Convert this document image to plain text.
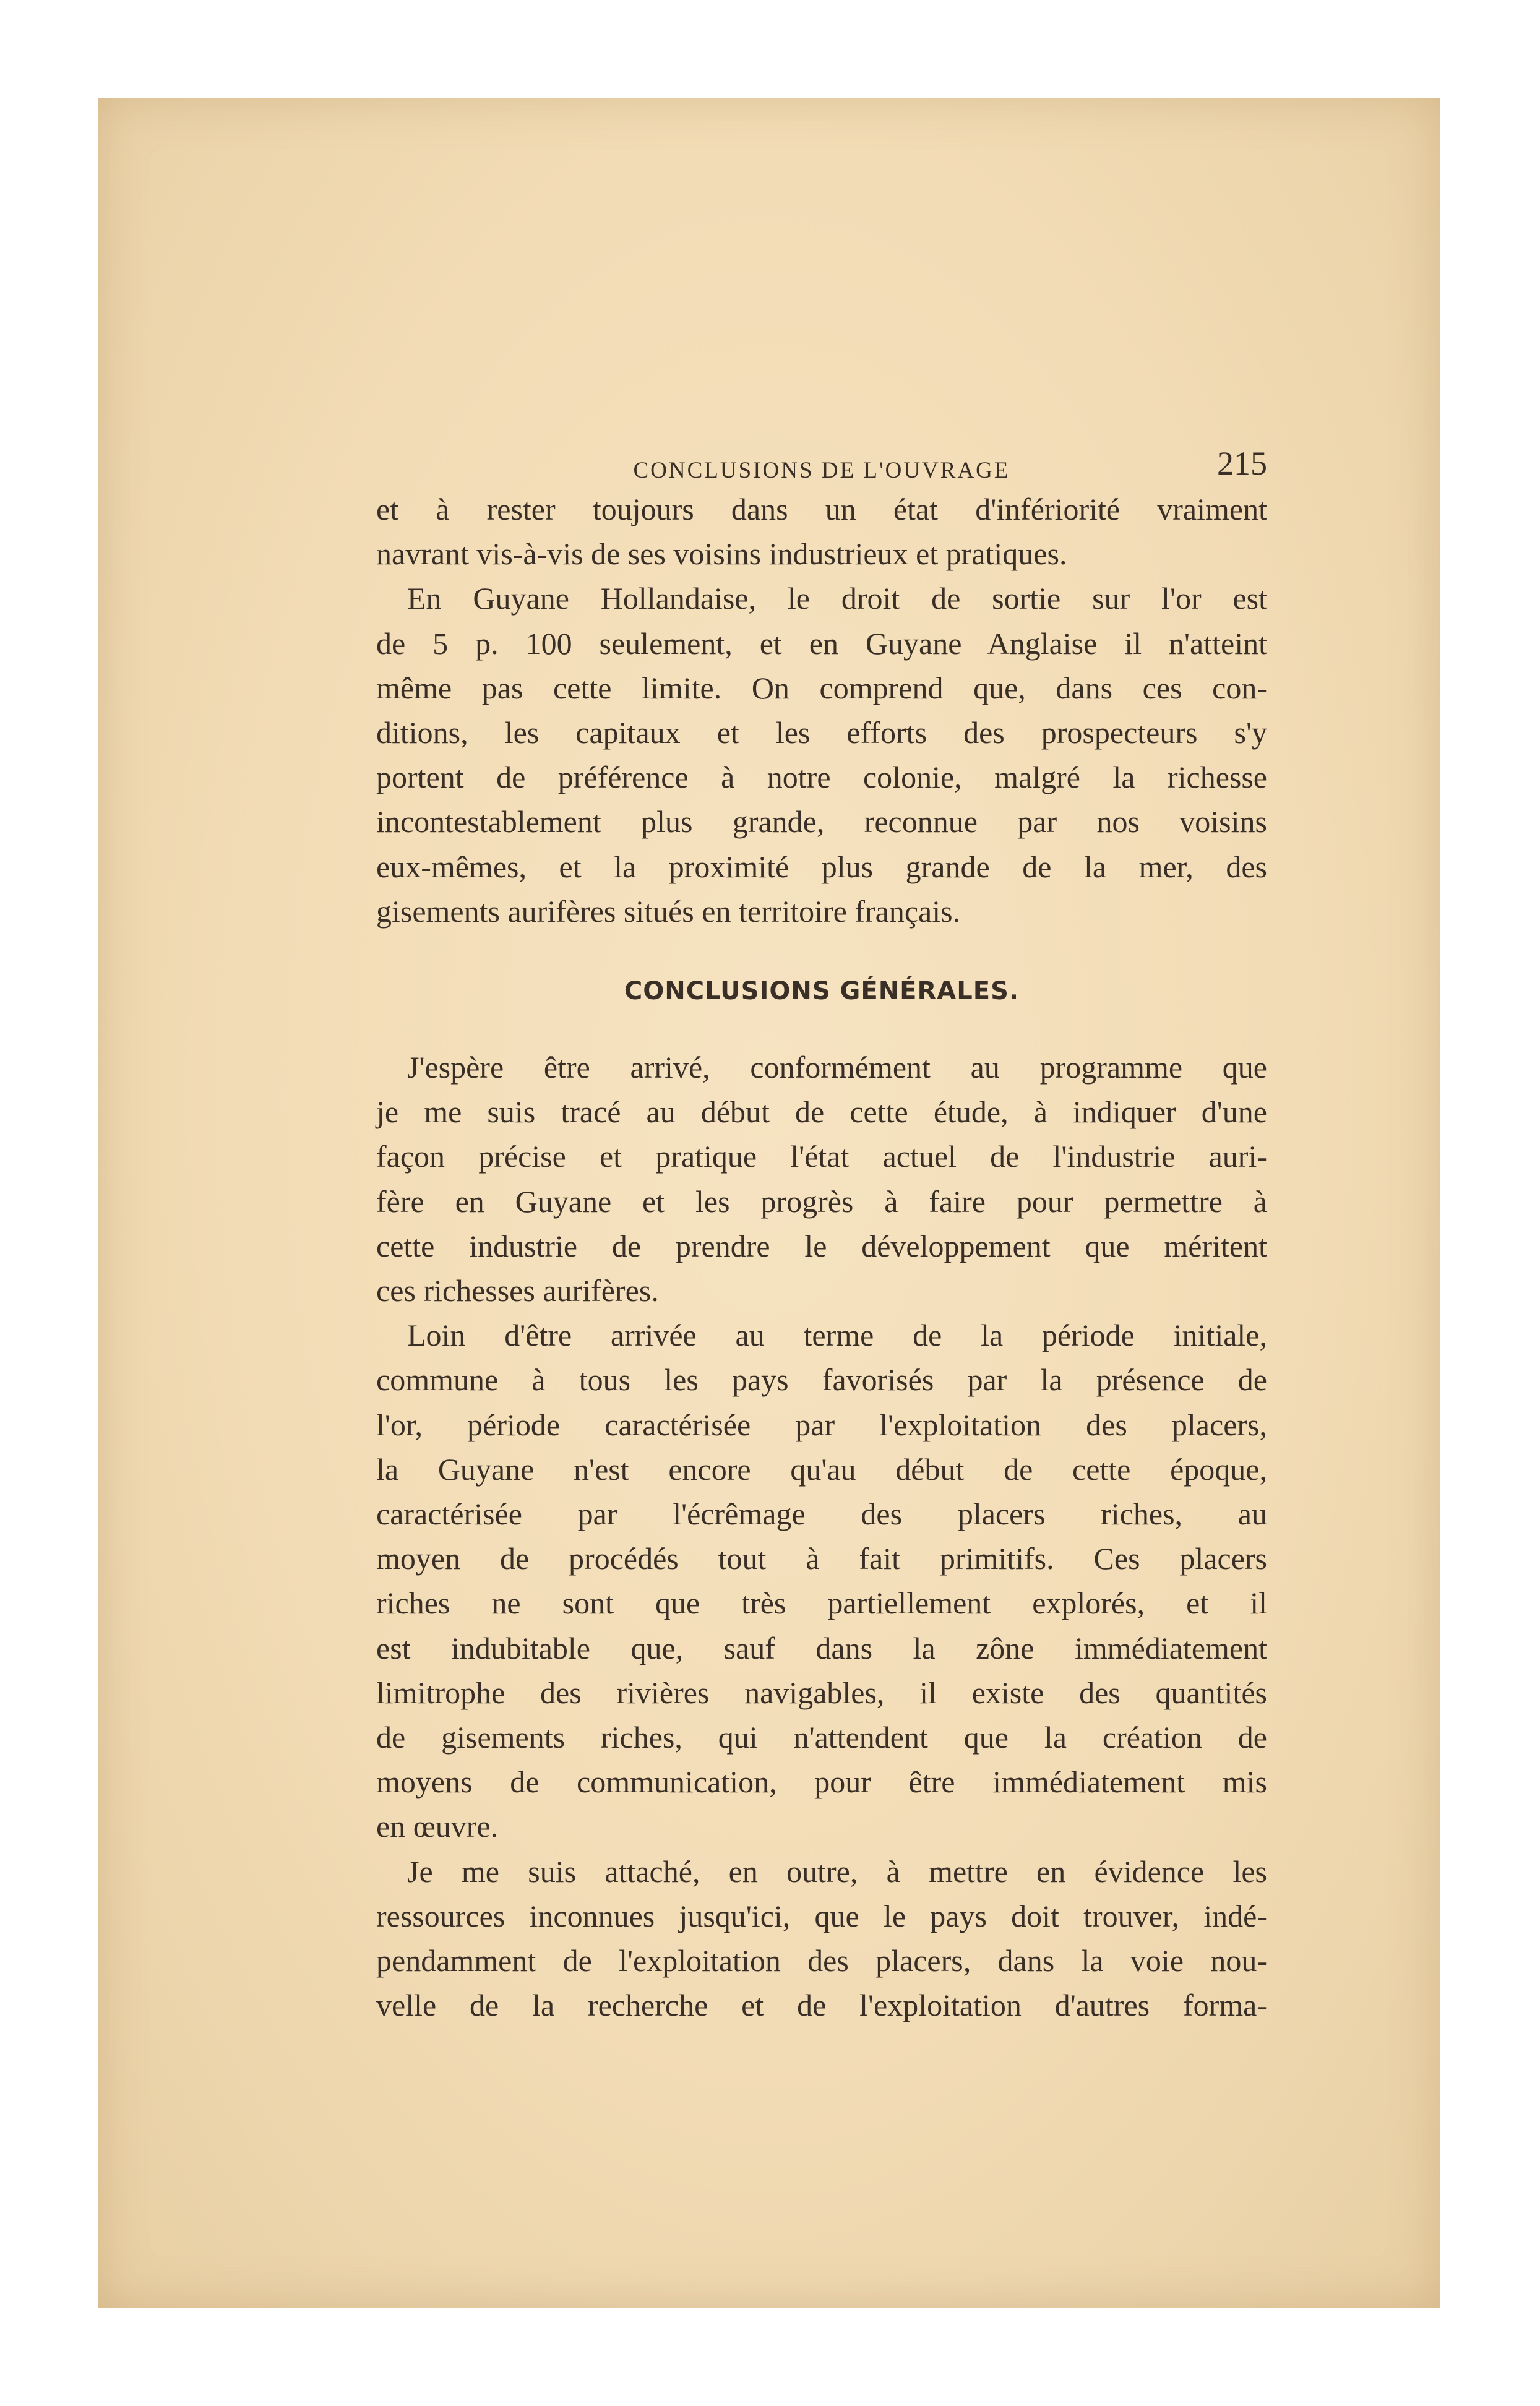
CONCLUSIONS DE L'OUVRAGE	215

et à rester toujours dans un état d'infériorité vraiment

navrant vis-à-vis de ses voisins industrieux et pratiques.

En Guyane Hollandaise, le droit de sortie sur l'or est

de 5 p. 100 seulement, et en Guyane Anglaise il n'atteint

même pas cette limite. On comprend que, dans ces con-

ditions, les capitaux et les efforts des prospecteurs s'y

portent de préférence à notre colonie, malgré la richesse

incontestablement plus grande, reconnue par nos voisins

eux-mêmes, et la proximité plus grande de la mer, des

gisements aurifères situés en territoire français.

CONCLUSIONS GÉNÉRALES.

J'espère être arrivé, conformément au programme que

je me suis tracé au début de cette étude, à indiquer d'une

façon précise et pratique l'état actuel de l'industrie auri-

fère en Guyane et les progrès à faire pour permettre à

cette industrie de prendre le développement que méritent

ces richesses aurifères.

Loin d'être arrivée au terme de la période initiale,

commune à tous les pays favorisés par la présence de

l'or, période caractérisée par l'exploitation des placers,

la Guyane n'est encore qu'au début de cette époque,

caractérisée par l'écrêmage des placers riches, au

moyen de procédés tout à fait primitifs. Ces placers

riches ne sont que très partiellement explorés, et il

est indubitable que, sauf dans la zône immédiatement

limitrophe des rivières navigables, il existe des quantités

de gisements riches, qui n'attendent que la création de

moyens de communication, pour être immédiatement mis

en œuvre.

Je me suis attaché, en outre, à mettre en évidence les

ressources inconnues jusqu'ici, que le pays doit trouver, indé-

pendamment de l'exploitation des placers, dans la voie nou-

velle de la recherche et de l'exploitation d'autres forma-
